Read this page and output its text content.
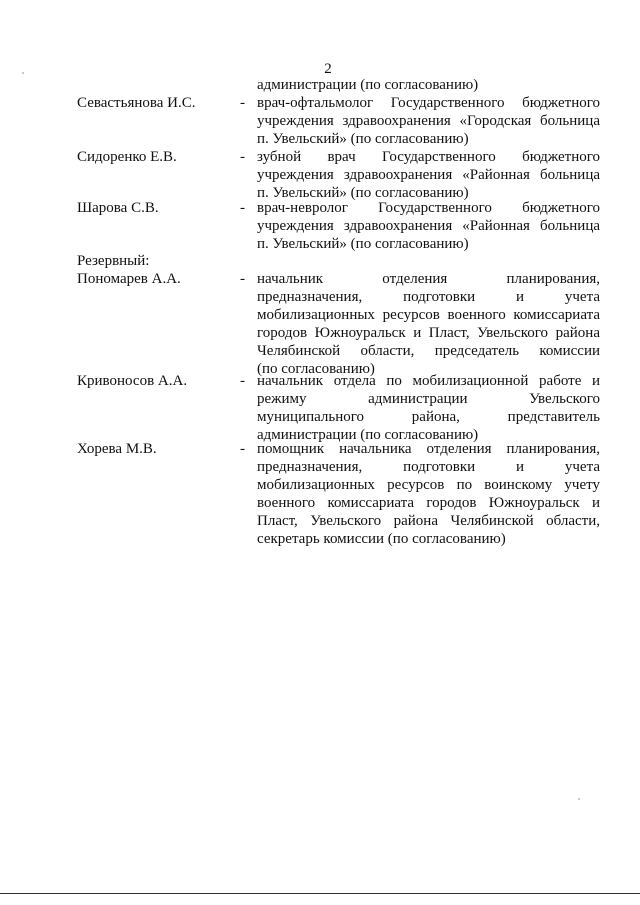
2
администрации (по согласованию)
Севастьянова И.С.	- врач-офтальмолог Государственного бюджетного
учреждения здравоохранения «Городская больница
п. Увельский» (по согласованию)
Сидоренко Е.В.	- зубной врач Государственного бюджетного
учреждения здравоохранения «Районная больница
п. Увельский» (по согласованию)
Шарова С.В.	- врач-невролог Государственного бюджетного
учреждения здравоохранения «Районная больница
п. Увельский» (по согласованию)
Резервный:
Пономарев А.А.	- начальник отделения планирования,
предназначения, подготовки и учета
мобилизационных ресурсов военного комиссариата
городов Южноуральск и Пласт, Увельского района
Челябинской области, председатель комиссии
(по согласованию)
Кривоносов А.А.	- начальник отдела по мобилизационной работе и
режиму администрации Увельского
муниципального района, представитель
администрации (по согласованию)
Хорева М.В.	- помощник начальника отделения планирования,
предназначения, подготовки и учета
мобилизационных ресурсов по воинскому учету
военного комиссариата городов Южноуральск и
Пласт, Увельского района Челябинской области,
секретарь комиссии (по согласованию)
